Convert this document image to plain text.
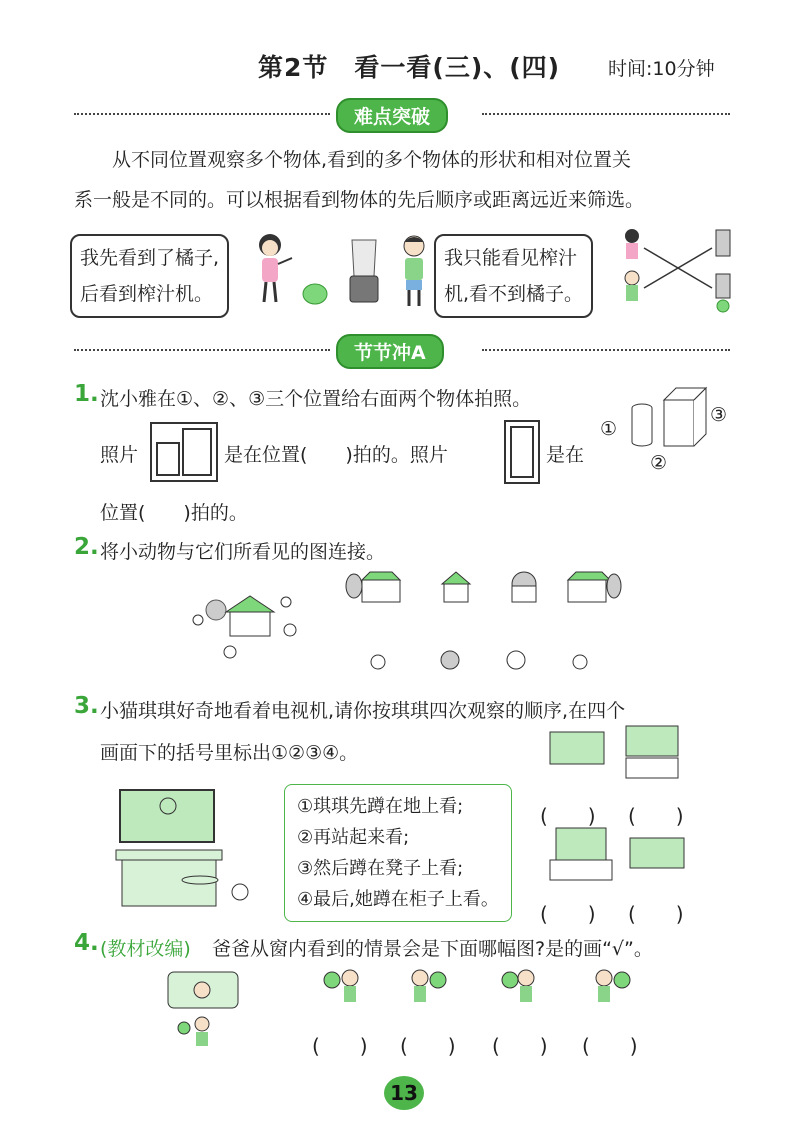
第2节　看一看(三)、(四)	时间:10分钟
难点突破
从不同位置观察多个物体,看到的多个物体的形状和相对位置关
系一般是不同的。可以根据看到物体的先后顺序或距离远近来筛选。
我先看到了橘子,
后看到榨汁机。
我只能看见榨汁
机,看不到橘子。
节节冲A
1. 沈小雅在①、②、③三个位置给右面两个物体拍照。
照片	是在位置(　　)拍的。照片	是在
位置(　　)拍的。
①
②
③
2. 将小动物与它们所看见的图连接。
3. 小猫琪琪好奇地看着电视机,请你按琪琪四次观察的顺序,在四个
画面下的括号里标出①②③④。
①琪琪先蹲在地上看;
②再站起来看;
③然后蹲在凳子上看;
④最后,她蹲在柜子上看。
(　　) (　　)
(　　) (　　)
4. (教材改编) 爸爸从窗内看到的情景会是下面哪幅图?是的画“√”。
(　　) (　　) (　　) (　　)
13
